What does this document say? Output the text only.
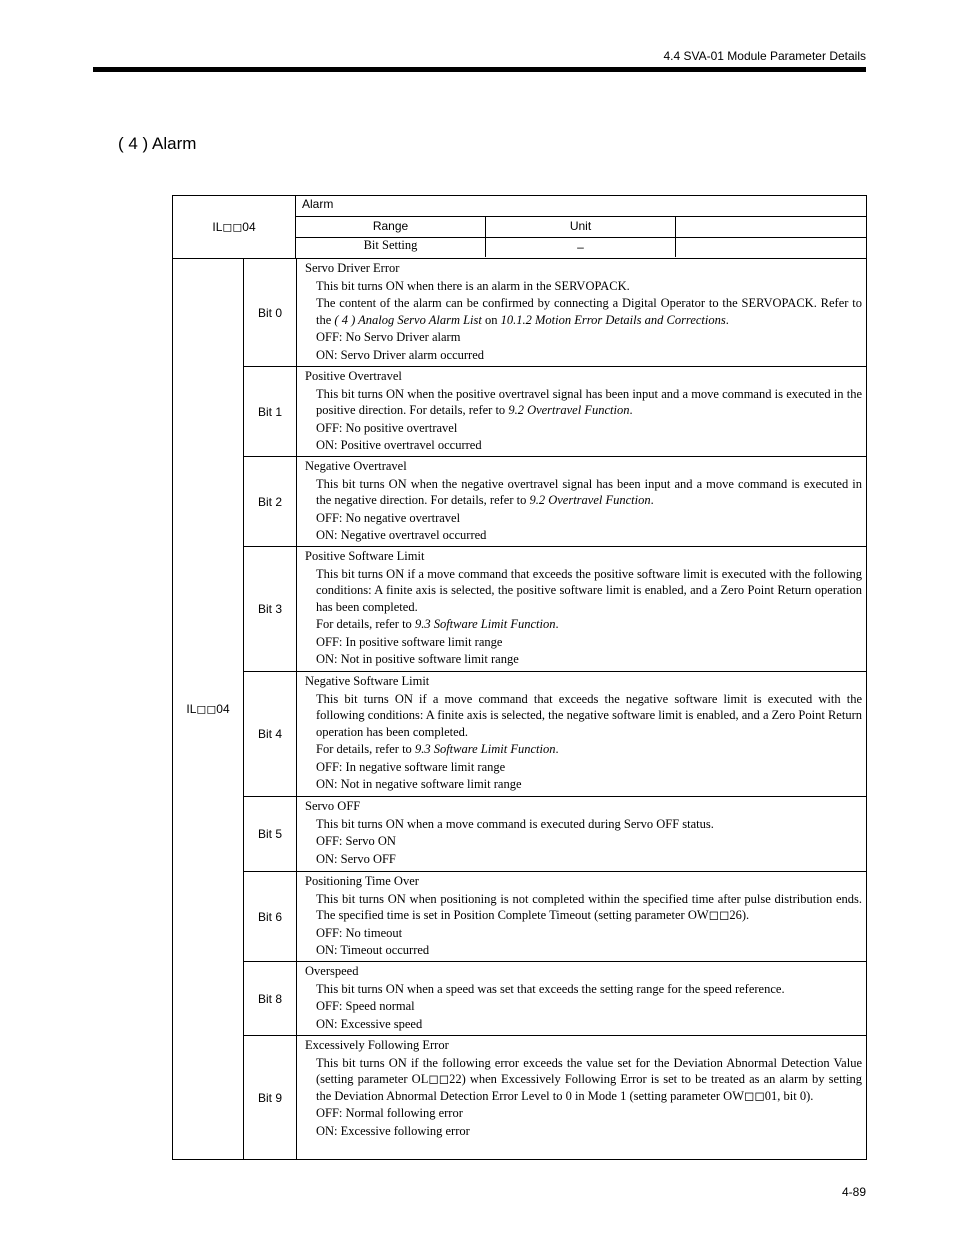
4.4 SVA-01 Module Parameter Details
( 4 ) Alarm
IL◻◻04
Alarm
Range	Unit
Bit Setting	–
IL◻◻04
Bit 0

Servo Driver Error

This bit turns ON when there is an alarm in the SERVOPACK.

The content of the alarm can be confirmed by connecting a Digital Operator to the SERVOPACK. Refer to the ( 4 ) Analog Servo Alarm List on 10.1.2 Motion Error Details and Corrections.

OFF: No Servo Driver alarm

ON: Servo Driver alarm occurred

Bit 1

Positive Overtravel

This bit turns ON when the positive overtravel signal has been input and a move command is executed in the positive direction. For details, refer to 9.2 Overtravel Function.

OFF: No positive overtravel

ON: Positive overtravel occurred

Bit 2

Negative Overtravel

This bit turns ON when the negative overtravel signal has been input and a move command is executed in the negative direction. For details, refer to 9.2 Overtravel Function.

OFF: No negative overtravel

ON: Negative overtravel occurred

Bit 3

Positive Software Limit

This bit turns ON if a move command that exceeds the positive software limit is executed with the following conditions: A finite axis is selected, the positive software limit is enabled, and a Zero Point Return operation has been completed.

For details, refer to 9.3 Software Limit Function.

OFF: In positive software limit range

ON: Not in positive software limit range

Bit 4

Negative Software Limit

This bit turns ON if a move command that exceeds the negative software limit is executed with the following conditions: A finite axis is selected, the negative software limit is enabled, and a Zero Point Return operation has been completed.

For details, refer to 9.3 Software Limit Function.

OFF: In negative software limit range

ON: Not in negative software limit range

Bit 5

Servo OFF

This bit turns ON when a move command is executed during Servo OFF status.

OFF: Servo ON

ON: Servo OFF

Bit 6

Positioning Time Over

This bit turns ON when positioning is not completed within the specified time after pulse distribution ends. The specified time is set in Position Complete Timeout (setting parameter OW◻◻26).

OFF: No timeout

ON: Timeout occurred

Bit 8

Overspeed

This bit turns ON when a speed was set that exceeds the setting range for the speed reference.

OFF: Speed normal

ON: Excessive speed

Bit 9

Excessively Following Error

This bit turns ON if the following error exceeds the value set for the Deviation Abnormal Detection Value (setting parameter OL◻◻22) when Excessively Following Error is set to be treated as an alarm by setting the Deviation Abnormal Detection Error Level to 0 in Mode 1 (setting parameter OW◻◻01, bit 0).

OFF: Normal following error

ON: Excessive following error

4-89
